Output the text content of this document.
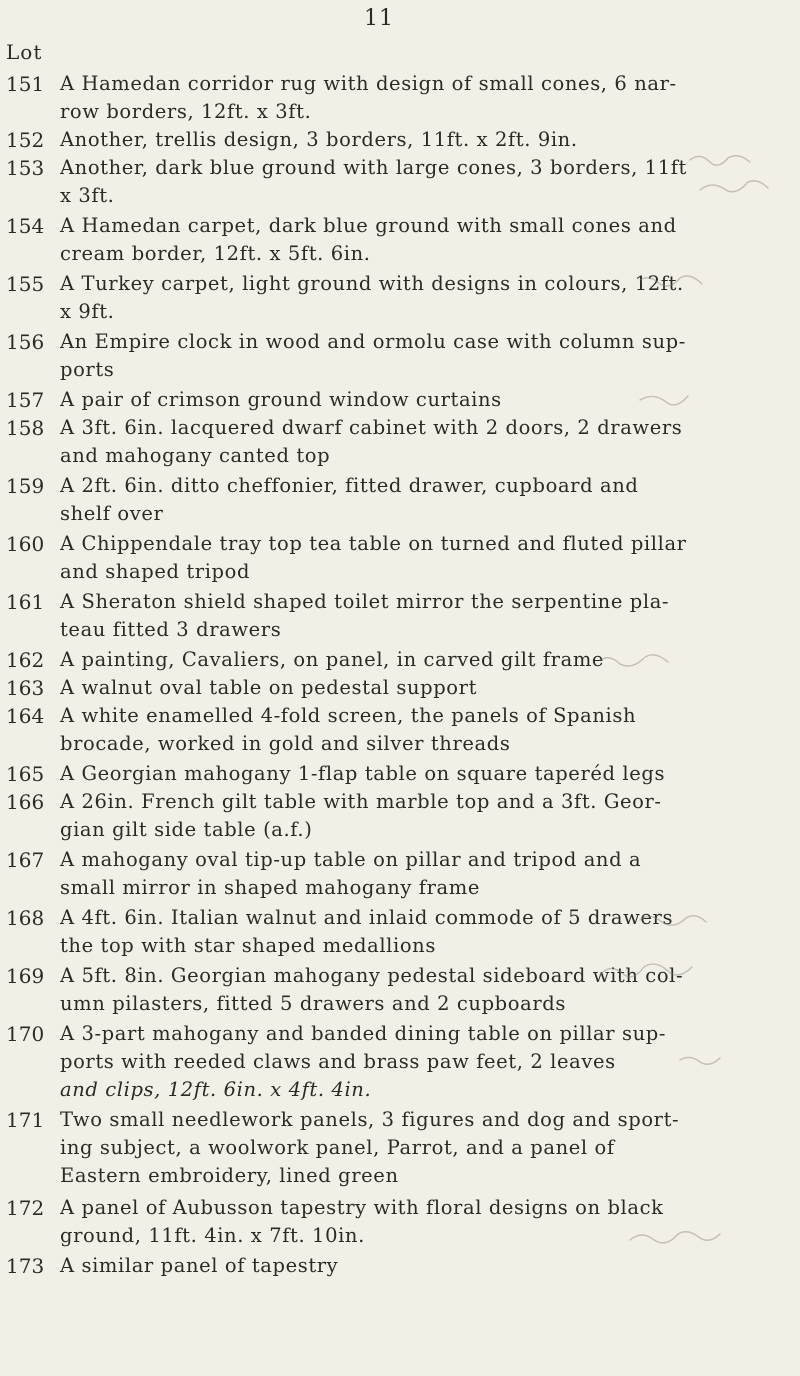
11
Lot
151 A Hamedan corridor rug with design of small cones, 6 nar-
row borders, 12ft. x 3ft.
152 Another, trellis design, 3 borders, 11ft. x 2ft. 9in.
153 Another, dark blue ground with large cones, 3 borders, 11ft
x 3ft.
154 A Hamedan carpet, dark blue ground with small cones and
cream border, 12ft. x 5ft. 6in.
155 A Turkey carpet, light ground with designs in colours, 12ft.
x 9ft.
156 An Empire clock in wood and ormolu case with column sup-
ports
157 A pair of crimson ground window curtains
158 A 3ft. 6in. lacquered dwarf cabinet with 2 doors, 2 drawers
and mahogany canted top
159 A 2ft. 6in. ditto cheffonier, fitted drawer, cupboard and
shelf over
160 A Chippendale tray top tea table on turned and fluted pillar
and shaped tripod
161 A Sheraton shield shaped toilet mirror the serpentine pla-
teau fitted 3 drawers
162 A painting, Cavaliers, on panel, in carved gilt frame
163 A walnut oval table on pedestal support
164 A white enamelled 4-fold screen, the panels of Spanish
brocade, worked in gold and silver threads
165 A Georgian mahogany 1-flap table on square taperéd legs
166 A 26in. French gilt table with marble top and a 3ft. Geor-
gian gilt side table (a.f.)
167 A mahogany oval tip-up table on pillar and tripod and a
small mirror in shaped mahogany frame
168 A 4ft. 6in. Italian walnut and inlaid commode of 5 drawers
the top with star shaped medallions
169 A 5ft. 8in. Georgian mahogany pedestal sideboard with col-
umn pilasters, fitted 5 drawers and 2 cupboards
170 A 3-part mahogany and banded dining table on pillar sup-
ports with reeded claws and brass paw feet, 2 leaves
and clips, 12ft. 6in. x 4ft. 4in.
171 Two small needlework panels, 3 figures and dog and sport-
ing subject, a woolwork panel, Parrot, and a panel of
Eastern embroidery, lined green
172 A panel of Aubusson tapestry with floral designs on black
ground, 11ft. 4in. x 7ft. 10in.
173 A similar panel of tapestry
